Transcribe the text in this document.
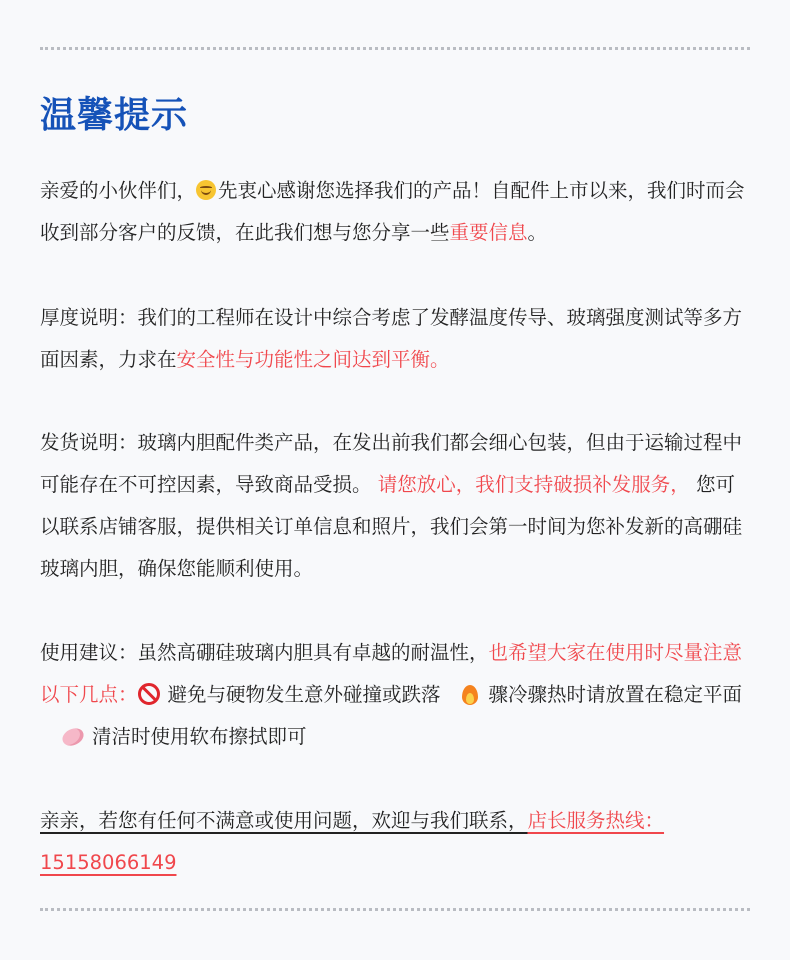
温馨提示

亲爱的小伙伴们， 先衷心感谢您选择我们的产品！自配件上市以来，我们时而会收到部分客户的反馈，在此我们想与您分享一些重要信息。

厚度说明：我们的工程师在设计中综合考虑了发酵温度传导、玻璃强度测试等多方面因素，力求在安全性与功能性之间达到平衡。

发货说明：玻璃内胆配件类产品，在发出前我们都会细心包装，但由于运输过程中可能存在不可控因素，导致商品受损。 请您放心，我们支持破损补发服务， 您可以联系店铺客服，提供相关订单信息和照片，我们会第一时间为您补发新的高硼硅玻璃内胆，确保您能顺利使用。

使用建议：虽然高硼硅玻璃内胆具有卓越的耐温性，也希望大家在使用时尽量注意以下几点： 避免与硬物发生意外碰撞或跌落 骤冷骤热时请放置在稳定平面清洁时使用软布擦拭即可

亲亲，若您有任何不满意或使用问题，欢迎与我们联系，店长服务热线：
15158066149
